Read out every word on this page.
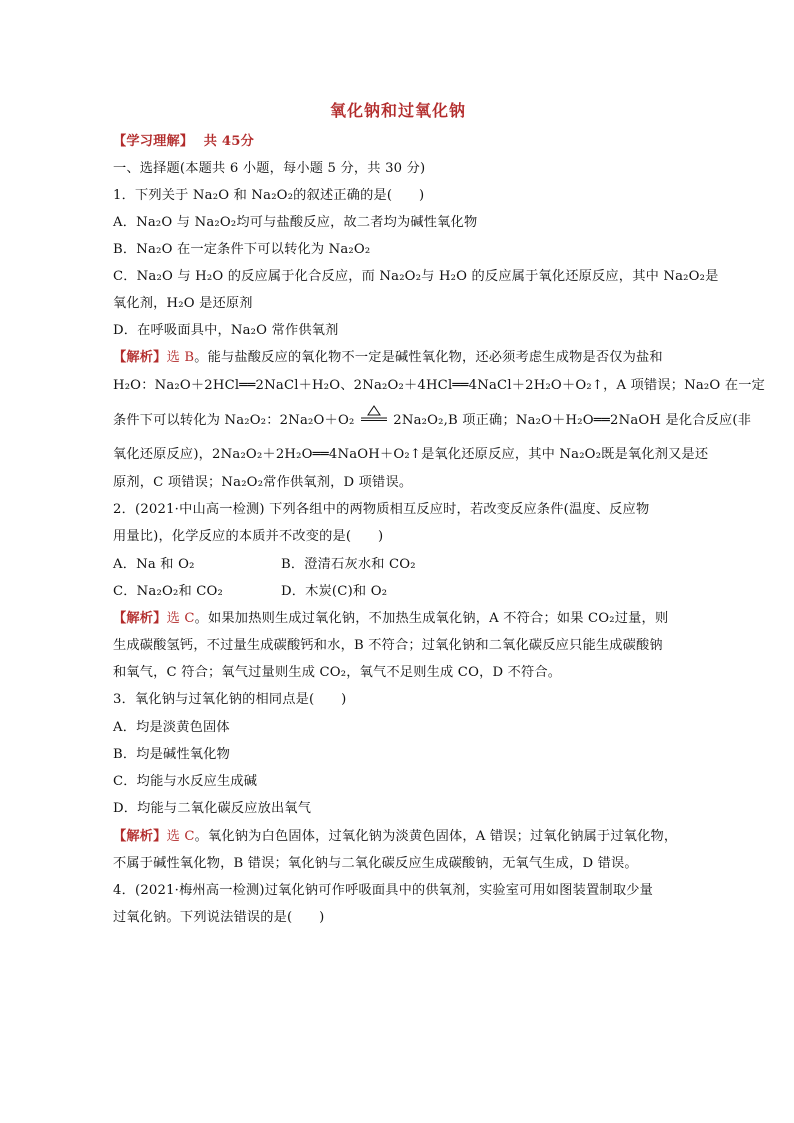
氧化钠和过氧化钠
【学习理解】 共 45分
一、选择题(本题共 6 小题，每小题 5 分，共 30 分)
1．下列关于 Na₂O 和 Na₂O₂的叙述正确的是(　　)
A．Na₂O 与 Na₂O₂均可与盐酸反应，故二者均为碱性氧化物
B．Na₂O 在一定条件下可以转化为 Na₂O₂
C．Na₂O 与 H₂O 的反应属于化合反应，而 Na₂O₂与 H₂O 的反应属于氧化还原反应，其中 Na₂O₂是
氧化剂，H₂O 是还原剂
D．在呼吸面具中，Na₂O 常作供氧剂
【解析】选 B。能与盐酸反应的氧化物不一定是碱性氧化物，还必须考虑生成物是否仅为盐和
H₂O：Na₂O＋2HCl══2NaCl＋H₂O、2Na₂O₂＋4HCl══4NaCl＋2H₂O＋O₂↑，A 项错误；Na₂O 在一定
条件下可以转化为 Na₂O₂：2Na₂O＋O₂
2Na₂O₂,B 项正确；Na₂O＋H₂O══2NaOH 是化合反应(非
氧化还原反应)，2Na₂O₂＋2H₂O══4NaOH＋O₂↑是氧化还原反应，其中 Na₂O₂既是氧化剂又是还
原剂，C 项错误；Na₂O₂常作供氧剂，D 项错误。
2．(2021·中山高一检测) 下列各组中的两物质相互反应时，若改变反应条件(温度、反应物
用量比)，化学反应的本质并不改变的是(　　)
A．Na 和 O₂	B．澄清石灰水和 CO₂
C．Na₂O₂和 CO₂	D．木炭(C)和 O₂
【解析】选 C。如果加热则生成过氧化钠，不加热生成氧化钠，A 不符合；如果 CO₂过量，则
生成碳酸氢钙，不过量生成碳酸钙和水，B 不符合；过氧化钠和二氧化碳反应只能生成碳酸钠
和氧气，C 符合；氧气过量则生成 CO₂，氧气不足则生成 CO，D 不符合。
3．氧化钠与过氧化钠的相同点是(　　)
A．均是淡黄色固体
B．均是碱性氧化物
C．均能与水反应生成碱
D．均能与二氧化碳反应放出氧气
【解析】选 C。氧化钠为白色固体，过氧化钠为淡黄色固体，A 错误；过氧化钠属于过氧化物，
不属于碱性氧化物，B 错误；氧化钠与二氧化碳反应生成碳酸钠，无氧气生成，D 错误。
4．(2021·梅州高一检测)过氧化钠可作呼吸面具中的供氧剂，实验室可用如图装置制取少量
过氧化钠。下列说法错误的是(　　)
